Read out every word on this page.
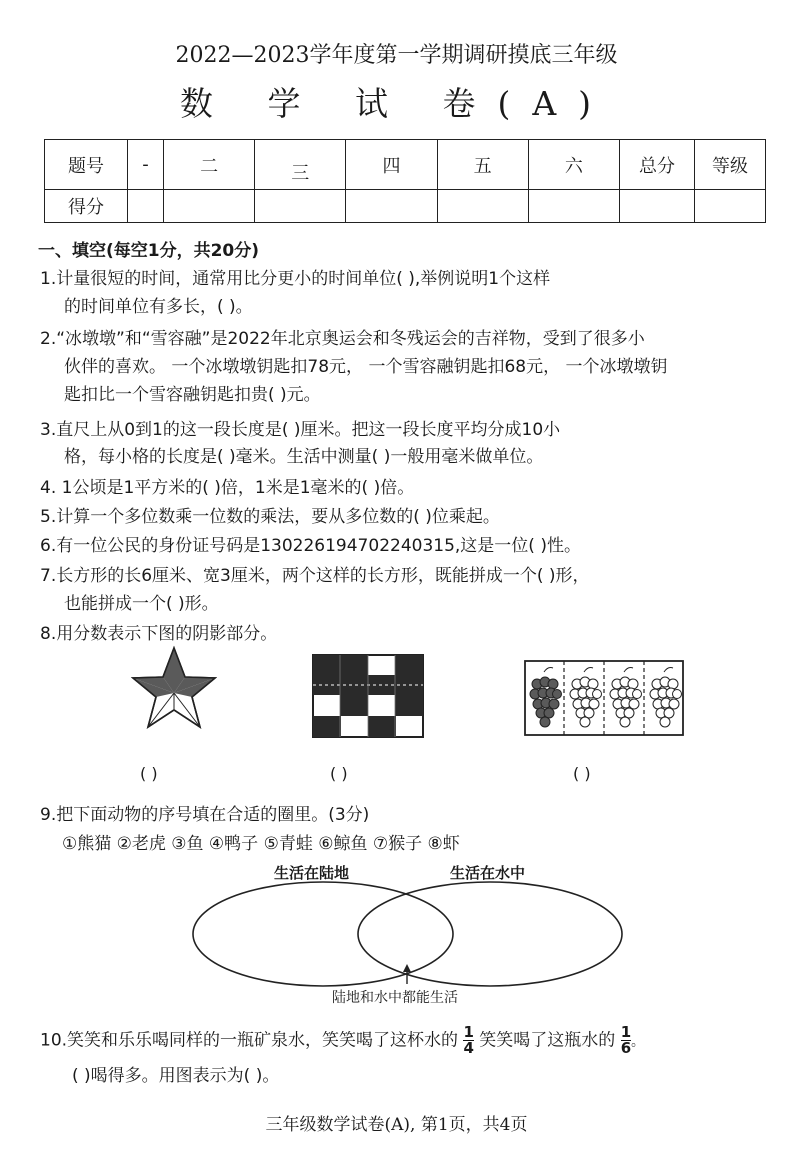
2022—2023学年度第一学期调研摸底三年级
数 学 试 卷(A)
题号	-	二	三	四	五	六	总分	等级
得分								
一、填空(每空1分，共20分)
1.计量很短的时间，通常用比分更小的时间单位( ),举例说明1个这样
的时间单位有多长，( )。
2.“冰墩墩”和“雪容融”是2022年北京奥运会和冬残运会的吉祥物，受到了很多小
伙伴的喜欢。 一个冰墩墩钥匙扣78元， 一个雪容融钥匙扣68元， 一个冰墩墩钥
匙扣比一个雪容融钥匙扣贵( )元。
3.直尺上从0到1的这一段长度是( )厘米。把这一段长度平均分成10小
格，每小格的长度是( )毫米。生活中测量( )一般用毫米做单位。
4. 1公顷是1平方米的( )倍，1米是1毫米的( )倍。
5.计算一个多位数乘一位数的乘法，要从多位数的( )位乘起。
6.有一位公民的身份证号码是130226194702240315,这是一位( )性。
7.长方形的长6厘米、宽3厘米，两个这样的长方形，既能拼成一个( )形，
也能拼成一个( )形。
8.用分数表示下图的阴影部分。
( )	( )	( )
9.把下面动物的序号填在合适的圈里。(3分)
①熊猫 ②老虎 ③鱼 ④鸭子 ⑤青蛙 ⑥鲸鱼 ⑦猴子 ⑧虾
生活在陆地	生活在水中
陆地和水中都能生活
10.笑笑和乐乐喝同样的一瓶矿泉水，笑笑喝了这杯水的 $\frac{1}{4}$ 笑笑喝了这瓶水的 $\frac{1}{6}$ 。
( )喝得多。用图表示为( )。
三年级数学试卷(A), 第1页，共4页
